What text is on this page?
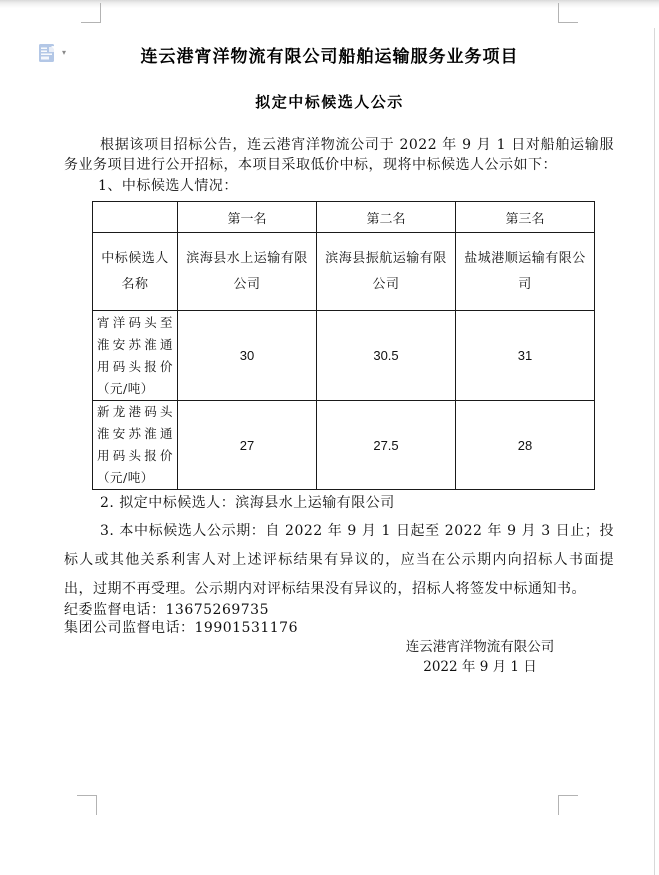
▾	连云港宵洋物流有限公司船舶运输服务业务项目
拟定中标候选人公示
根据该项目招标公告，连云港宵洋物流公司于 2022 年 9 月 1 日对船舶运输服务业务项目进行公开招标，本项目采取低价中标，现将中标候选人公示如下：
1、中标候选人情况：
	第一名	第二名	第三名
中标候选人名称	滨海县水上运输有限公司	滨海县振航运输有限公司	盐城港顺运输有限公司
宵洋码头至淮安苏淮通用码头报价（元/吨）	30	30.5	31
新龙港码头淮安苏淮通用码头报价（元/吨）	27	27.5	28
2. 拟定中标候选人：滨海县水上运输有限公司
3. 本中标候选人公示期：自 2022 年 9 月 1 日起至 2022 年 9 月 3 日止；投标人或其他关系利害人对上述评标结果有异议的，应当在公示期内向招标人书面提出，过期不再受理。公示期内对评标结果没有异议的，招标人将签发中标通知书。
纪委监督电话：13675269735
集团公司监督电话：19901531176
连云港宵洋物流有限公司
2022 年 9 月 1 日
